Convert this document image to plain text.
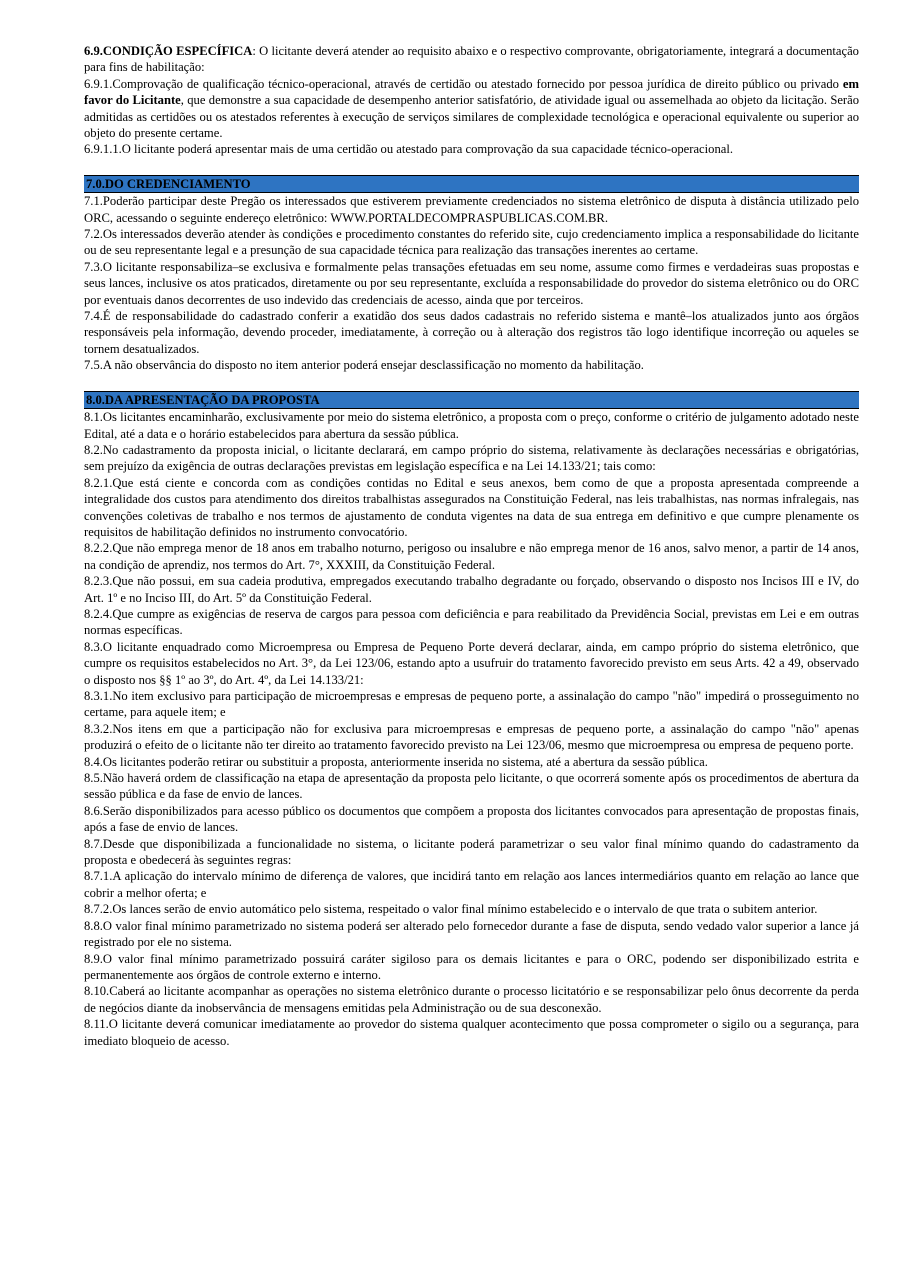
6.9.CONDIÇÃO ESPECÍFICA: O licitante deverá atender ao requisito abaixo e o respectivo comprovante, obrigatoriamente, integrará a documentação para fins de habilitação:

6.9.1.Comprovação de qualificação técnico-operacional, através de certidão ou atestado fornecido por pessoa jurídica de direito público ou privado em favor do Licitante, que demonstre a sua capacidade de desempenho anterior satisfatório, de atividade igual ou assemelhada ao objeto da licitação. Serão admitidas as certidões ou os atestados referentes à execução de serviços similares de complexidade tecnológica e operacional equivalente ou superior ao objeto do presente certame.

6.9.1.1.O licitante poderá apresentar mais de uma certidão ou atestado para comprovação da sua capacidade técnico-operacional.

7.0.DO CREDENCIAMENTO

7.1.Poderão participar deste Pregão os interessados que estiverem previamente credenciados no sistema eletrônico de disputa à distância utilizado pelo ORC, acessando o seguinte endereço eletrônico: WWW.PORTALDECOMPRASPUBLICAS.COM.BR.

7.2.Os interessados deverão atender às condições e procedimento constantes do referido site, cujo credenciamento implica a responsabilidade do licitante ou de seu representante legal e a presunção de sua capacidade técnica para realização das transações inerentes ao certame.

7.3.O licitante responsabiliza–se exclusiva e formalmente pelas transações efetuadas em seu nome, assume como firmes e verdadeiras suas propostas e seus lances, inclusive os atos praticados, diretamente ou por seu representante, excluída a responsabilidade do provedor do sistema eletrônico ou do ORC por eventuais danos decorrentes de uso indevido das credenciais de acesso, ainda que por terceiros.

7.4.É de responsabilidade do cadastrado conferir a exatidão dos seus dados cadastrais no referido sistema e mantê–los atualizados junto aos órgãos responsáveis pela informação, devendo proceder, imediatamente, à correção ou à alteração dos registros tão logo identifique incorreção ou aqueles se tornem desatualizados.

7.5.A não observância do disposto no item anterior poderá ensejar desclassificação no momento da habilitação.

8.0.DA APRESENTAÇÃO DA PROPOSTA

8.1.Os licitantes encaminharão, exclusivamente por meio do sistema eletrônico, a proposta com o preço, conforme o critério de julgamento adotado neste Edital, até a data e o horário estabelecidos para abertura da sessão pública.

8.2.No cadastramento da proposta inicial, o licitante declarará, em campo próprio do sistema, relativamente às declarações necessárias e obrigatórias, sem prejuízo da exigência de outras declarações previstas em legislação específica e na Lei 14.133/21; tais como:

8.2.1.Que está ciente e concorda com as condições contidas no Edital e seus anexos, bem como de que a proposta apresentada compreende a integralidade dos custos para atendimento dos direitos trabalhistas assegurados na Constituição Federal, nas leis trabalhistas, nas normas infralegais, nas convenções coletivas de trabalho e nos termos de ajustamento de conduta vigentes na data de sua entrega em definitivo e que cumpre plenamente os requisitos de habilitação definidos no instrumento convocatório.

8.2.2.Que não emprega menor de 18 anos em trabalho noturno, perigoso ou insalubre e não emprega menor de 16 anos, salvo menor, a partir de 14 anos, na condição de aprendiz, nos termos do Art. 7°, XXXIII, da Constituição Federal.

8.2.3.Que não possui, em sua cadeia produtiva, empregados executando trabalho degradante ou forçado, observando o disposto nos Incisos III e IV, do Art. 1º e no Inciso III, do Art. 5º da Constituição Federal.

8.2.4.Que cumpre as exigências de reserva de cargos para pessoa com deficiência e para reabilitado da Previdência Social, previstas em Lei e em outras normas específicas.

8.3.O licitante enquadrado como Microempresa ou Empresa de Pequeno Porte deverá declarar, ainda, em campo próprio do sistema eletrônico, que cumpre os requisitos estabelecidos no Art. 3°, da Lei 123/06, estando apto a usufruir do tratamento favorecido previsto em seus Arts. 42 a 49, observado o disposto nos §§ 1º ao 3º, do Art. 4º, da Lei 14.133/21:

8.3.1.No item exclusivo para participação de microempresas e empresas de pequeno porte, a assinalação do campo "não" impedirá o prosseguimento no certame, para aquele item; e

8.3.2.Nos itens em que a participação não for exclusiva para microempresas e empresas de pequeno porte, a assinalação do campo "não" apenas produzirá o efeito de o licitante não ter direito ao tratamento favorecido previsto na Lei 123/06, mesmo que microempresa ou empresa de pequeno porte.

8.4.Os licitantes poderão retirar ou substituir a proposta, anteriormente inserida no sistema, até a abertura da sessão pública.

8.5.Não haverá ordem de classificação na etapa de apresentação da proposta pelo licitante, o que ocorrerá somente após os procedimentos de abertura da sessão pública e da fase de envio de lances.

8.6.Serão disponibilizados para acesso público os documentos que compõem a proposta dos licitantes convocados para apresentação de propostas finais, após a fase de envio de lances.

8.7.Desde que disponibilizada a funcionalidade no sistema, o licitante poderá parametrizar o seu valor final mínimo quando do cadastramento da proposta e obedecerá às seguintes regras:

8.7.1.A aplicação do intervalo mínimo de diferença de valores, que incidirá tanto em relação aos lances intermediários quanto em relação ao lance que cobrir a melhor oferta; e

8.7.2.Os lances serão de envio automático pelo sistema, respeitado o valor final mínimo estabelecido e o intervalo de que trata o subitem anterior.

8.8.O valor final mínimo parametrizado no sistema poderá ser alterado pelo fornecedor durante a fase de disputa, sendo vedado valor superior a lance já registrado por ele no sistema.

8.9.O valor final mínimo parametrizado possuirá caráter sigiloso para os demais licitantes e para o ORC, podendo ser disponibilizado estrita e permanentemente aos órgãos de controle externo e interno.

8.10.Caberá ao licitante acompanhar as operações no sistema eletrônico durante o processo licitatório e se responsabilizar pelo ônus decorrente da perda de negócios diante da inobservância de mensagens emitidas pela Administração ou de sua desconexão.

8.11.O licitante deverá comunicar imediatamente ao provedor do sistema qualquer acontecimento que possa comprometer o sigilo ou a segurança, para imediato bloqueio de acesso.
